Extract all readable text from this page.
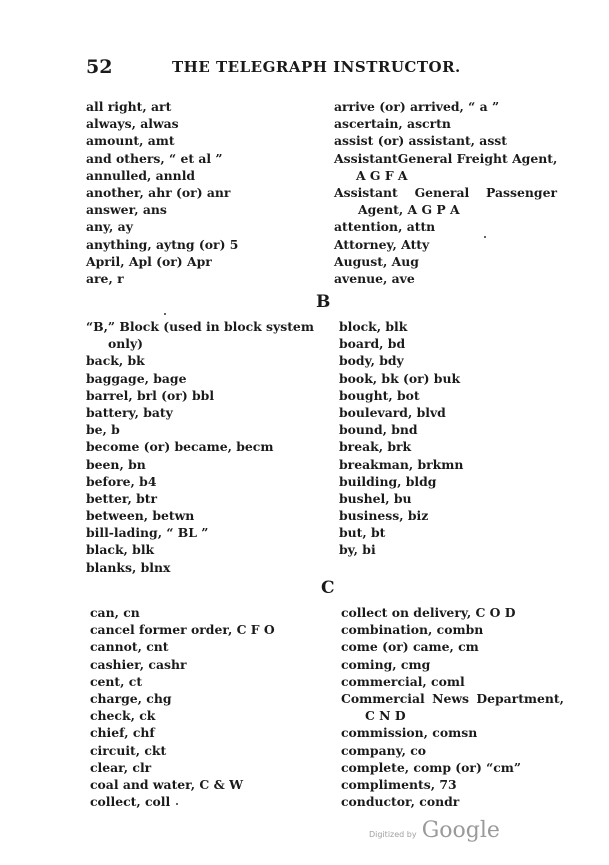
52	THE TELEGRAPH INSTRUCTOR.
all right, art
always, alwas
amount, amt
and others, “ et al ”
annulled, annld
another, ahr (or) anr
answer, ans
any, ay
anything, aytng (or) 5
April, Apl (or) Apr
are, r
arrive (or) arrived, “ a ”
ascertain, ascrtn
assist (or) assistant, asst
AssistantGeneral Freight Agent,
A G F A
Assistant General Passenger
Agent, A G P A
attention, attn
Attorney, Atty
August, Aug
avenue, ave
B
“B,” Block (used in block system
only)
back, bk
baggage, bage
barrel, brl (or) bbl
battery, baty
be, b
become (or) became, becm
been, bn
before, b4
better, btr
between, betwn
bill-lading, “ BL ”
black, blk
blanks, blnx
block, blk
board, bd
body, bdy
book, bk (or) buk
bought, bot
boulevard, blvd
bound, bnd
break, brk
breakman, brkmn
building, bldg
bushel, bu
business, biz
but, bt
by, bi
C
can, cn
cancel former order, C F O
cannot, cnt
cashier, cashr
cent, ct
charge, chg
check, ck
chief, chf
circuit, ckt
clear, clr
coal and water, C & W
collect, coll
collect on delivery, C O D
combination, combn
come (or) came, cm
coming, cmg
commercial, coml
Commercial News Department,
C N D
commission, comsn
company, co
complete, comp (or) “cm”
compliments, 73
conductor, condr
Digitized by Google
